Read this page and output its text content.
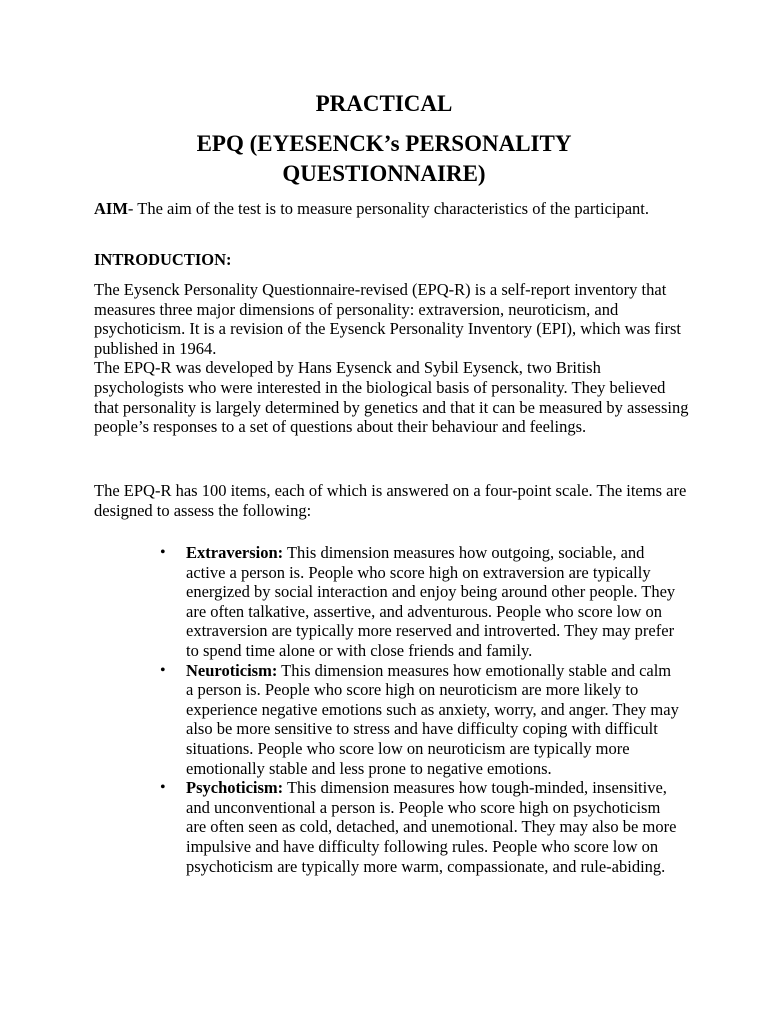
PRACTICAL
EPQ (EYESENCK’s PERSONALITY
QUESTIONNAIRE)

AIM- The aim of the test is to measure personality characteristics of the participant.

INTRODUCTION:

The Eysenck Personality Questionnaire-revised (EPQ-R) is a self-report inventory that measures three major dimensions of personality: extraversion, neuroticism, and psychoticism. It is a revision of the Eysenck Personality Inventory (EPI), which was first published in 1964.
The EPQ-R was developed by Hans Eysenck and Sybil Eysenck, two British psychologists who were interested in the biological basis of personality. They believed that personality is largely determined by genetics and that it can be measured by assessing people’s responses to a set of questions about their behaviour and feelings.

The EPQ-R has 100 items, each of which is answered on a four-point scale. The items are designed to assess the following:

• Extraversion: This dimension measures how outgoing, sociable, and active a person is. People who score high on extraversion are typically energized by social interaction and enjoy being around other people. They are often talkative, assertive, and adventurous. People who score low on extraversion are typically more reserved and introverted. They may prefer to spend time alone or with close friends and family.
• Neuroticism: This dimension measures how emotionally stable and calm a person is. People who score high on neuroticism are more likely to experience negative emotions such as anxiety, worry, and anger. They may also be more sensitive to stress and have difficulty coping with difficult situations. People who score low on neuroticism are typically more emotionally stable and less prone to negative emotions.
• Psychoticism: This dimension measures how tough-minded, insensitive, and unconventional a person is. People who score high on psychoticism are often seen as cold, detached, and unemotional. They may also be more impulsive and have difficulty following rules. People who score low on psychoticism are typically more warm, compassionate, and rule-abiding.
